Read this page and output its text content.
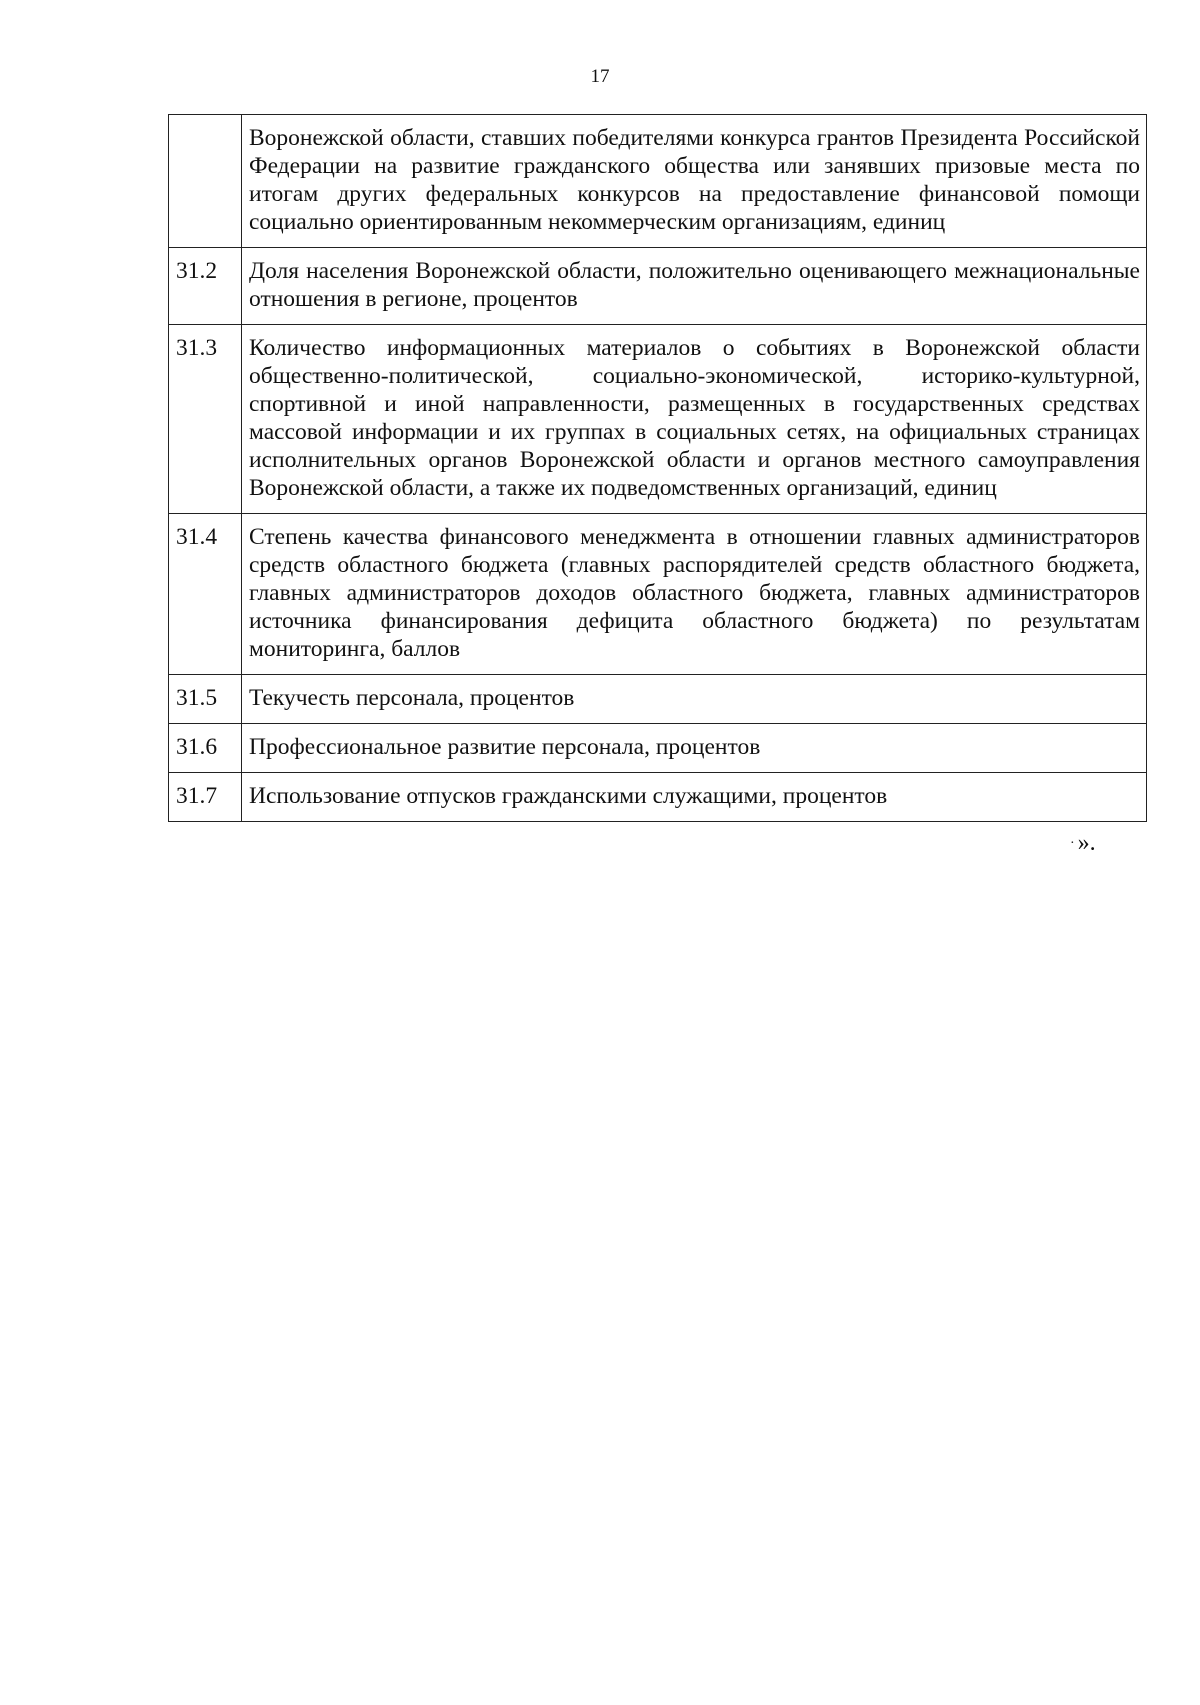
17
	Воронежской области, ставших победителями конкурса грантов Президента Российской Федерации на развитие гражданского общества или занявших призовые места по итогам других федеральных конкурсов на предоставление финансовой помощи социально ориентированным некоммерческим организациям, единиц
31.2	Доля населения Воронежской области, положительно оценивающего межнациональные отношения в регионе, процентов
31.3	Количество информационных материалов о событиях в Воронежской области общественно-политической, социально-экономической, историко-культурной, спортивной и иной направленности, размещенных в государственных средствах массовой информации и их группах в социальных сетях, на официальных страницах исполнительных органов Воронежской области и органов местного самоуправления Воронежской области, а также их подведомственных организаций, единиц
31.4	Степень качества финансового менеджмента в отношении главных администраторов средств областного бюджета (главных распорядителей средств областного бюджета, главных администраторов доходов областного бюджета, главных администраторов источника финансирования дефицита областного бюджета) по результатам мониторинга, баллов
31.5	Текучесть персонала, процентов
31.6	Профессиональное развитие персонала, процентов
31.7	Использование отпусков гражданскими служащими, процентов
· ».
